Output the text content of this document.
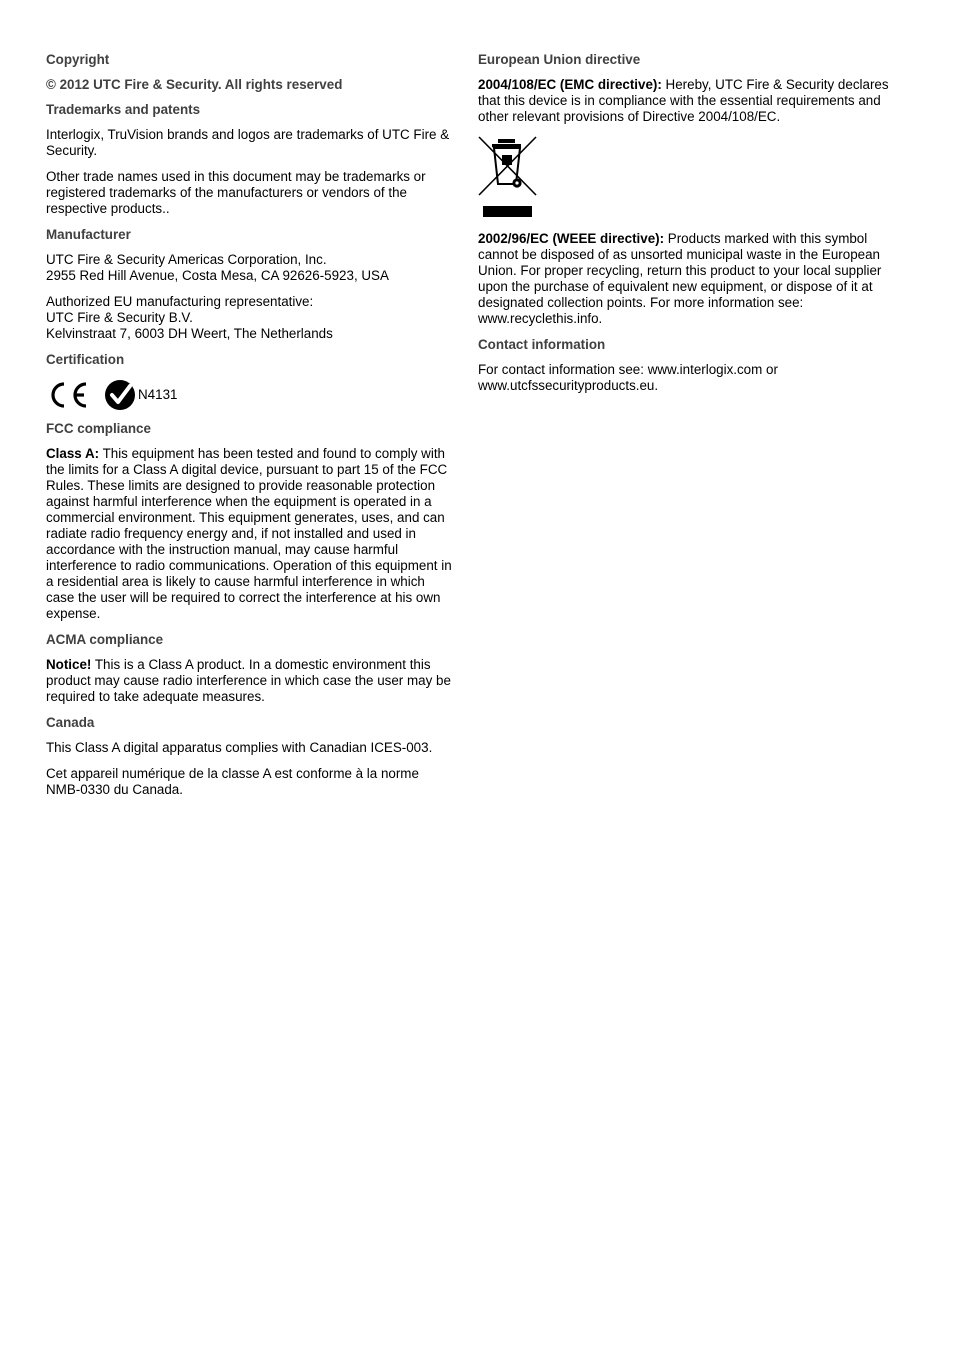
Copyright
© 2012 UTC Fire & Security. All rights reserved
Trademarks and patents

Interlogix, TruVision brands and logos are trademarks of UTC Fire & Security.

Other trade names used in this document may be trademarks or registered trademarks of the manufacturers or vendors of the respective products..

Manufacturer

UTC Fire & Security Americas Corporation, Inc.
2955 Red Hill Avenue, Costa Mesa, CA 92626-5923, USA

Authorized EU manufacturing representative:
UTC Fire & Security B.V.
Kelvinstraat 7, 6003 DH Weert, The Netherlands

Certification
N4131
FCC compliance

Class A: This equipment has been tested and found to comply with the limits for a Class A digital device, pursuant to part 15 of the FCC Rules. These limits are designed to provide reasonable protection against harmful interference when the equipment is operated in a commercial environment. This equipment generates, uses, and can radiate radio frequency energy and, if not installed and used in accordance with the instruction manual, may cause harmful interference to radio communications. Operation of this equipment in a residential area is likely to cause harmful interference in which case the user will be required to correct the interference at his own expense.

ACMA compliance

Notice! This is a Class A product. In a domestic environment this product may cause radio interference in which case the user may be required to take adequate measures.

Canada

This Class A digital apparatus complies with Canadian ICES-003.

Cet appareil numérique de la classe A est conforme à la norme NMB-0330 du Canada.

European Union directive

2004/108/EC (EMC directive): Hereby, UTC Fire & Security declares that this device is in compliance with the essential requirements and other relevant provisions of Directive 2004/108/EC.

2002/96/EC (WEEE directive): Products marked with this symbol cannot be disposed of as unsorted municipal waste in the European Union. For proper recycling, return this product to your local supplier upon the purchase of equivalent new equipment, or dispose of it at designated collection points. For more information see: www.recyclethis.info.

Contact information

For contact information see: www.interlogix.com or www.utcfssecurityproducts.eu.
